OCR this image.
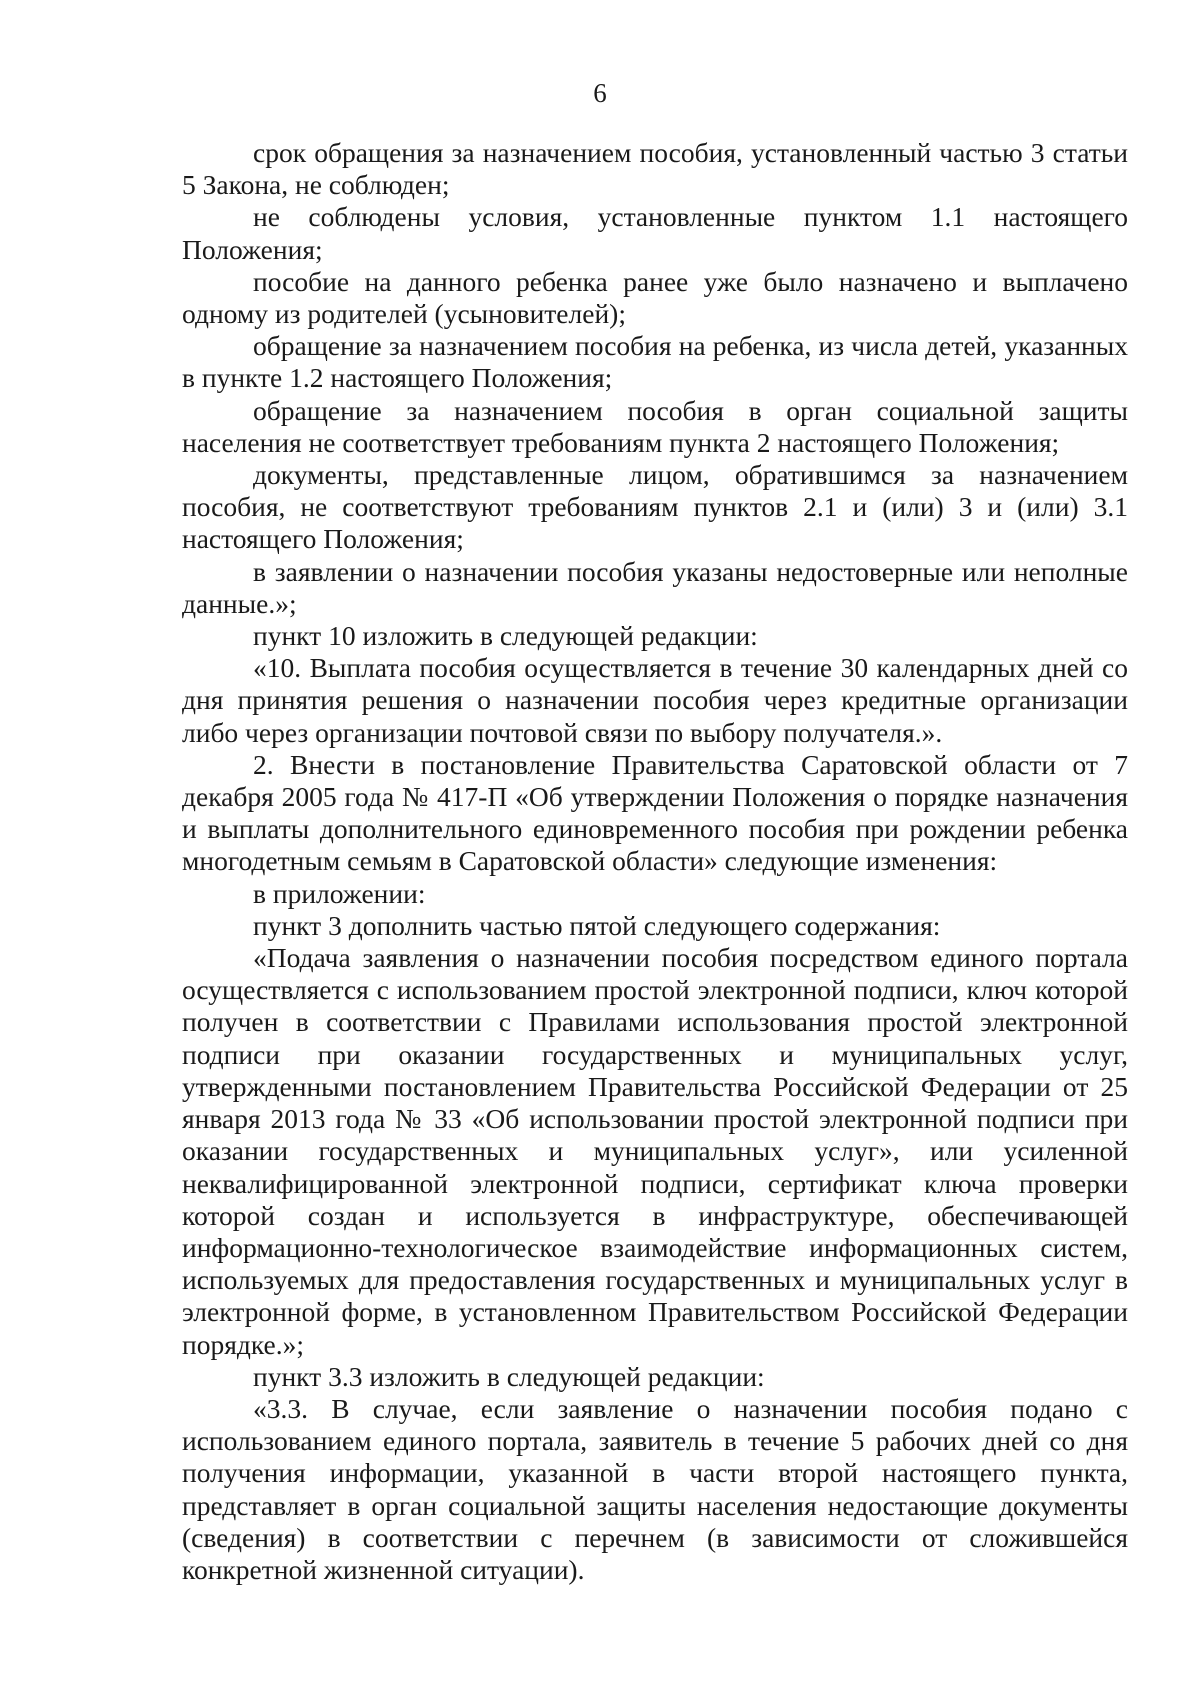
6

срок обращения за назначением пособия, установленный частью 3 статьи 5 Закона, не соблюден;

не соблюдены условия, установленные пунктом 1.1 настоящего Положения;

пособие на данного ребенка ранее уже было назначено и выплачено одному из родителей (усыновителей);

обращение за назначением пособия на ребенка, из числа детей, указанных в пункте 1.2 настоящего Положения;

обращение за назначением пособия в орган социальной защиты населения не соответствует требованиям пункта 2 настоящего Положения;

документы, представленные лицом, обратившимся за назначением пособия, не соответствуют требованиям пунктов 2.1 и (или) 3 и (или) 3.1 настоящего Положения;

в заявлении о назначении пособия указаны недостоверные или неполные данные.»;

пункт 10 изложить в следующей редакции:

«10. Выплата пособия осуществляется в течение 30 календарных дней со дня принятия решения о назначении пособия через кредитные организации либо через организации почтовой связи по выбору получателя.».

2. Внести в постановление Правительства Саратовской области от 7 декабря 2005 года № 417-П «Об утверждении Положения о порядке назначения и выплаты дополнительного единовременного пособия при рождении ребенка многодетным семьям в Саратовской области» следующие изменения:

в приложении:

пункт 3 дополнить частью пятой следующего содержания:

«Подача заявления о назначении пособия посредством единого портала осуществляется с использованием простой электронной подписи, ключ которой получен в соответствии с Правилами использования простой электронной подписи при оказании государственных и муниципальных услуг, утвержденными постановлением Правительства Российской Федерации от 25 января 2013 года № 33 «Об использовании простой электронной подписи при оказании государственных и муниципальных услуг», или усиленной неквалифицированной электронной подписи, сертификат ключа проверки которой создан и используется в инфраструктуре, обеспечивающей информационно-технологическое взаимодействие информационных систем, используемых для предоставления государственных и муниципальных услуг в электронной форме, в установленном Правительством Российской Федерации порядке.»;

пункт 3.3 изложить в следующей редакции:

«3.3. В случае, если заявление о назначении пособия подано с использованием единого портала, заявитель в течение 5 рабочих дней со дня получения информации, указанной в части второй настоящего пункта, представляет в орган социальной защиты населения недостающие документы (сведения) в соответствии с перечнем (в зависимости от сложившейся конкретной жизненной ситуации).
